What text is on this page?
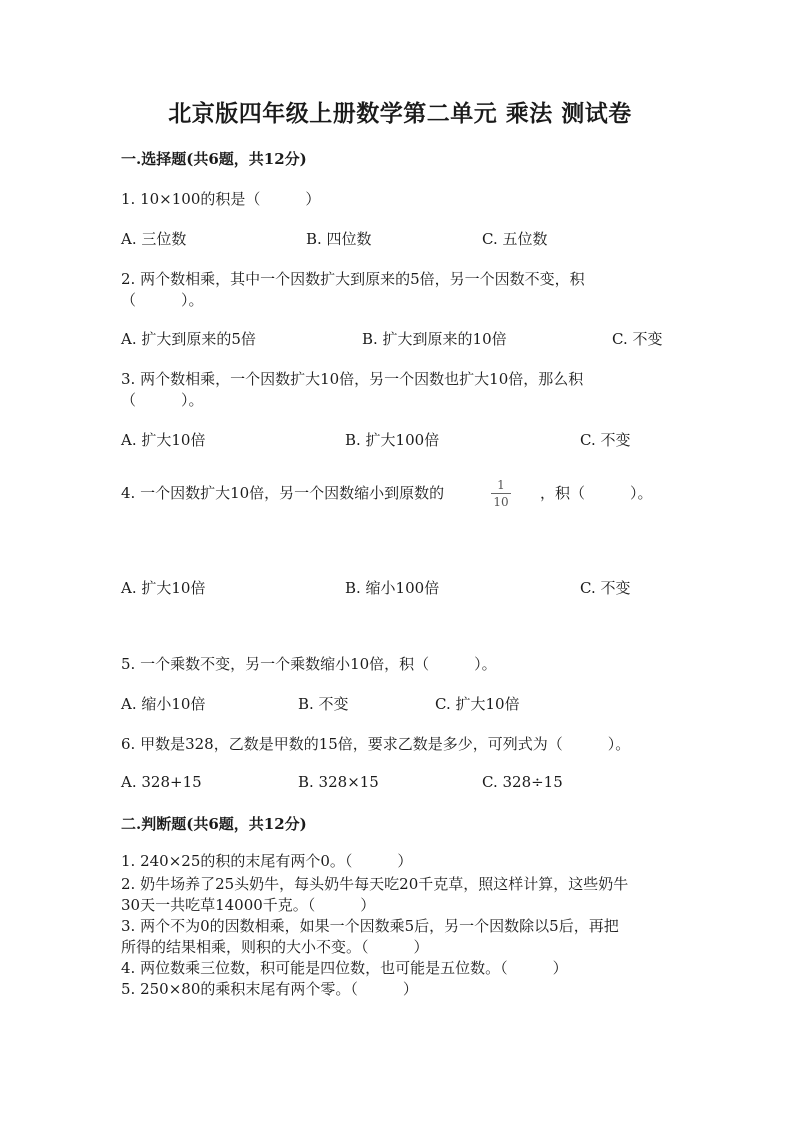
北京版四年级上册数学第二单元 乘法 测试卷
一.选择题(共6题，共12分)
1. 10×100的积是（　　　）
A. 三位数	B. 四位数	C. 五位数
2. 两个数相乘，其中一个因数扩大到原来的5倍，另一个因数不变，积
（　　　）。
A. 扩大到原来的5倍	B. 扩大到原来的10倍	C. 不变
3. 两个数相乘，一个因数扩大10倍，另一个因数也扩大10倍，那么积
（　　　）。
A. 扩大10倍	B. 扩大100倍	C. 不变
4. 一个因数扩大10倍，另一个因数缩小到原数的	1
10 ，积（　　　）。
A. 扩大10倍	B. 缩小100倍	C. 不变
5. 一个乘数不变，另一个乘数缩小10倍，积（　　　）。
A. 缩小10倍	B. 不变	C. 扩大10倍
6. 甲数是328，乙数是甲数的15倍，要求乙数是多少，可列式为（　　　）。
A. 328+15	B. 328×15	C. 328÷15
二.判断题(共6题，共12分)
1. 240×25的积的末尾有两个0。（　　　）
2. 奶牛场养了25头奶牛，每头奶牛每天吃20千克草，照这样计算，这些奶牛
30天一共吃草14000千克。（　　　）
3. 两个不为0的因数相乘，如果一个因数乘5后，另一个因数除以5后，再把
所得的结果相乘，则积的大小不变。（　　　）
4. 两位数乘三位数，积可能是四位数，也可能是五位数。（　　　）
5. 250×80的乘积末尾有两个零。（　　　）
